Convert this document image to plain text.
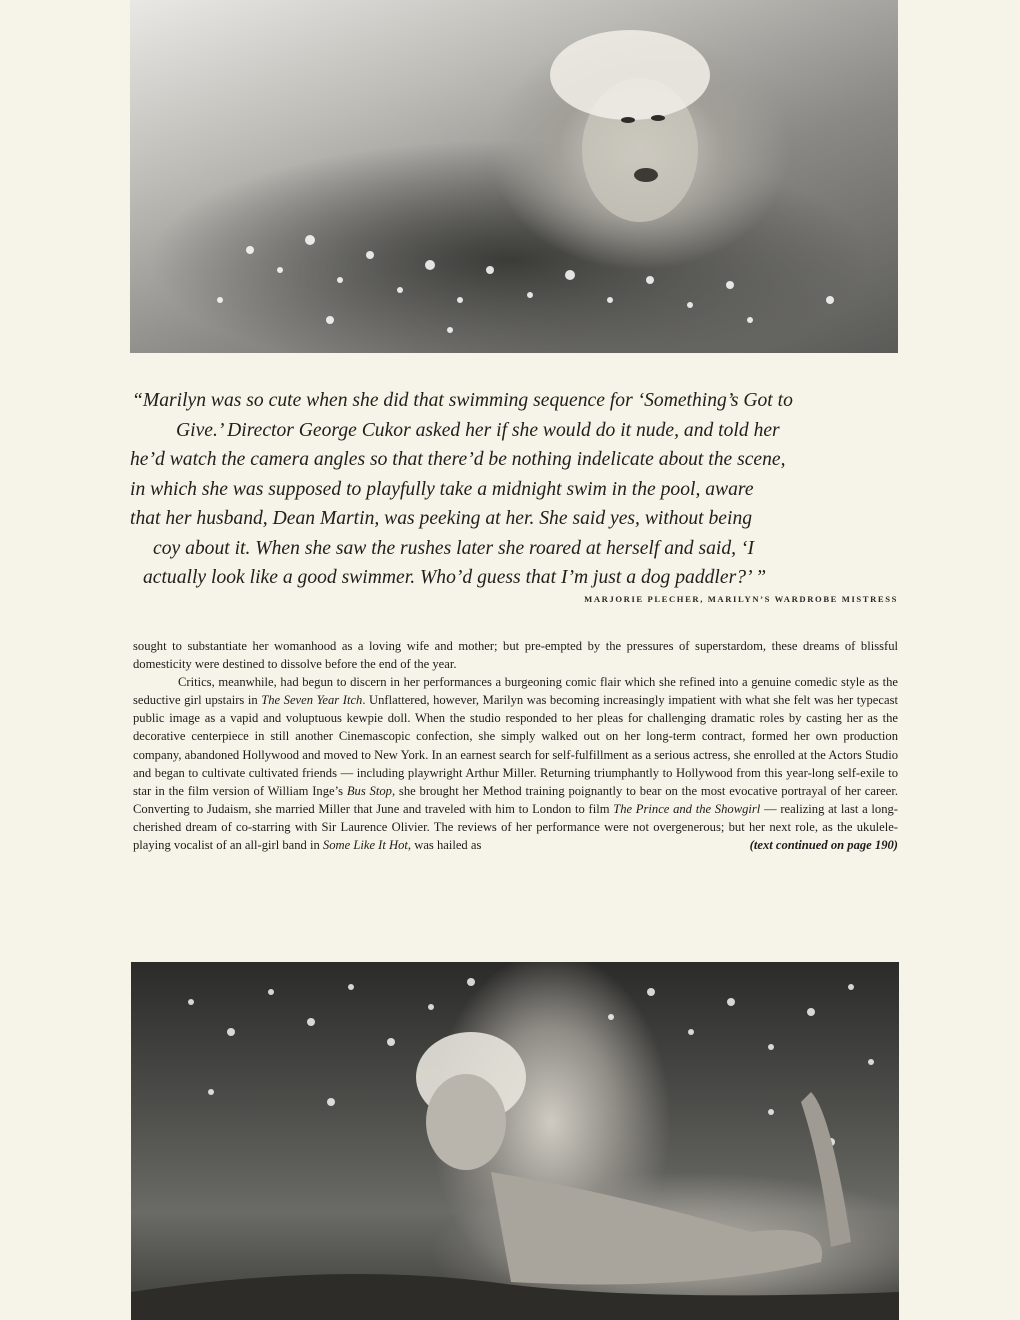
“Marilyn was so cute when she did that swimming sequence for ‘Something’s Got to
Give.’ Director George Cukor asked her if she would do it nude, and told her
he’d watch the camera angles so that there’d be nothing indelicate about the scene,
in which she was supposed to playfully take a midnight swim in the pool, aware
that her husband, Dean Martin, was peeking at her. She said yes, without being
coy about it. When she saw the rushes later she roared at herself and said, ‘I
actually look like a good swimmer. Who’d guess that I’m just a dog paddler?’ ”
MARJORIE PLECHER, MARILYN’S WARDROBE MISTRESS

sought to substantiate her womanhood as a loving wife and mother; but pre-empted by the pressures of superstardom, these dreams of blissful domesticity were destined to dissolve before the end of the year.

Critics, meanwhile, had begun to discern in her performances a burgeoning comic flair which she refined into a genuine comedic style as the seductive girl upstairs in The Seven Year Itch. Unflattered, however, Marilyn was becoming increasingly impatient with what she felt was her typecast public image as a vapid and voluptuous kewpie doll. When the studio responded to her pleas for challenging dramatic roles by casting her as the decorative centerpiece in still another Cinemascopic confection, she simply walked out on her long-term contract, formed her own production company, abandoned Hollywood and moved to New York. In an earnest search for self-fulfillment as a serious actress, she enrolled at the Actors Studio and began to cultivate cultivated friends — including playwright Arthur Miller. Returning triumphantly to Hollywood from this year-long self-exile to star in the film version of William Inge’s Bus Stop, she brought her Method training poignantly to bear on the most evocative portrayal of her career. Converting to Judaism, she married Miller that June and traveled with him to London to film The Prince and the Showgirl — realizing at last a long-cherished dream of co-starring with Sir Laurence Olivier. The reviews of her performance were not overgenerous; but her next role, as the ukulele-playing vocalist of an all-girl band in Some Like It Hot, was hailed as	(text continued on page 190)
